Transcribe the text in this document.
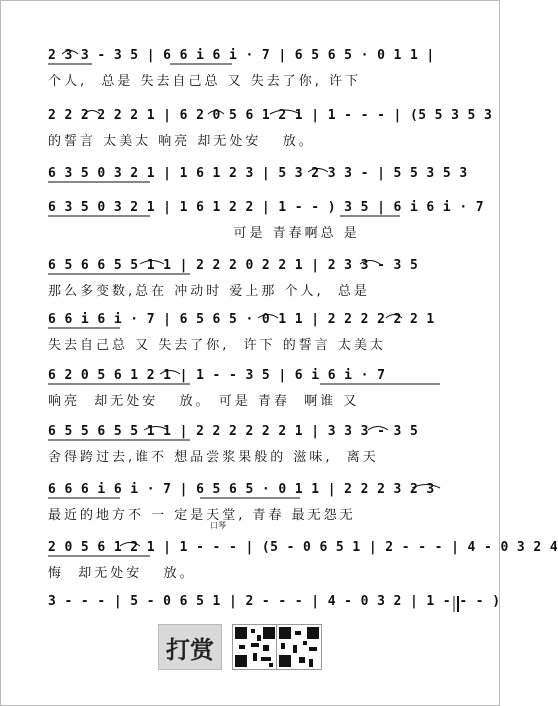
2 3 3 - 3 5 | 6 6 i 6 i · 7 | 6 5 6 5 · 0 1 1 |
个人,  总是 失去自己总 又 失去了你, 许下
2 2 2 2 2 2 1 | 6 2 0 5 6 1 2 1 | 1 - - - | (5 5 3 5 3
的誓言 太美太 响亮 却无处安   放。
6 3 5 0 3 2 1 | 1 6 1 2 3 | 5 3 2 3 3 - | 5 5 3 5 3
6 3 5 0 3 2 1 | 1 6 1 2 2 | 1 - - ) 3 5 | 6 i 6 i · 7
可是 青春啊总 是
6 5 6 6 5 5 1 1 | 2 2 2 0 2 2 1 | 2 3 3 - 3 5
那么多变数,总在 冲动时 爱上那 个人,  总是
6 6 i 6 i · 7 | 6 5 6 5 · 0 1 1 | 2 2 2 2 2 2 1
失去自己总 又 失去了你,  许下 的誓言 太美太
6 2 0 5 6 1 2 1 | 1 - - 3 5 | 6 i 6 i · 7
响亮  却无处安   放。 可是 青春  啊谁 又
6 5 5 6 5 5 1 1 | 2 2 2 2 2 2 1 | 3 3 3 - 3 5
舍得跨过去,谁不 想品尝浆果般的 滋味,  离天
6 6 6 i 6 i · 7 | 6 5 6 5 · 0 1 1 | 2 2 2 3 2 3
最近的地方不 一 定是天堂, 青春 最无怨无
口琴
2 0 5 6 1 2 1 | 1 - - - | (5 - 0 6 5 1 | 2 - - - | 4 - 0 3 2 4
悔  却无处安   放。
3 - - - | 5 - 0 6 5 1 | 2 - - - | 4 - 0 3 2 | 1 - - - )
打赏
